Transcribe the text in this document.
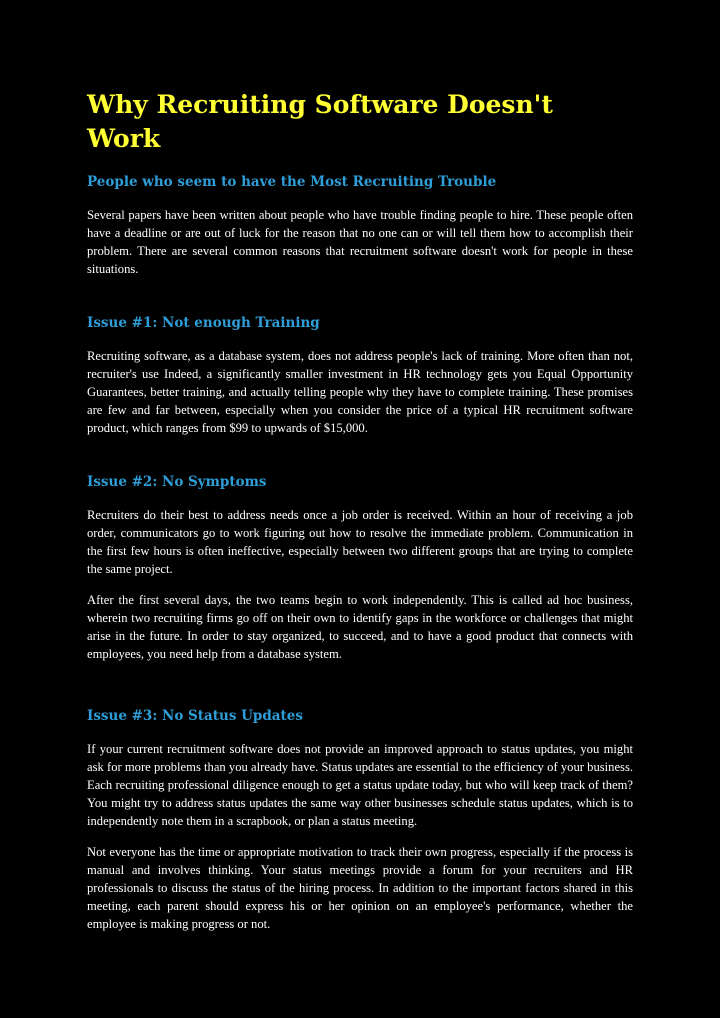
Why Recruiting Software Doesn't Work
People who seem to have the Most Recruiting Trouble

Several papers have been written about people who have trouble finding people to hire. These people often have a deadline or are out of luck for the reason that no one can or will tell them how to accomplish their problem. There are several common reasons that recruitment software doesn't work for people in these situations.

Issue #1: Not enough Training

Recruiting software, as a database system, does not address people's lack of training. More often than not, recruiter's use Indeed, a significantly smaller investment in HR technology gets you Equal Opportunity Guarantees, better training, and actually telling people why they have to complete training. These promises are few and far between, especially when you consider the price of a typical HR recruitment software product, which ranges from $99 to upwards of $15,000.

Issue #2: No Symptoms

Recruiters do their best to address needs once a job order is received. Within an hour of receiving a job order, communicators go to work figuring out how to resolve the immediate problem. Communication in the first few hours is often ineffective, especially between two different groups that are trying to complete the same project.

After the first several days, the two teams begin to work independently. This is called ad hoc business, wherein two recruiting firms go off on their own to identify gaps in the workforce or challenges that might arise in the future. In order to stay organized, to succeed, and to have a good product that connects with employees, you need help from a database system.

Issue #3: No Status Updates

If your current recruitment software does not provide an improved approach to status updates, you might ask for more problems than you already have. Status updates are essential to the efficiency of your business. Each recruiting professional diligence enough to get a status update today, but who will keep track of them? You might try to address status updates the same way other businesses schedule status updates, which is to independently note them in a scrapbook, or plan a status meeting.

Not everyone has the time or appropriate motivation to track their own progress, especially if the process is manual and involves thinking. Your status meetings provide a forum for your recruiters and HR professionals to discuss the status of the hiring process. In addition to the important factors shared in this meeting, each parent should express his or her opinion on an employee's performance, whether the employee is making progress or not.
